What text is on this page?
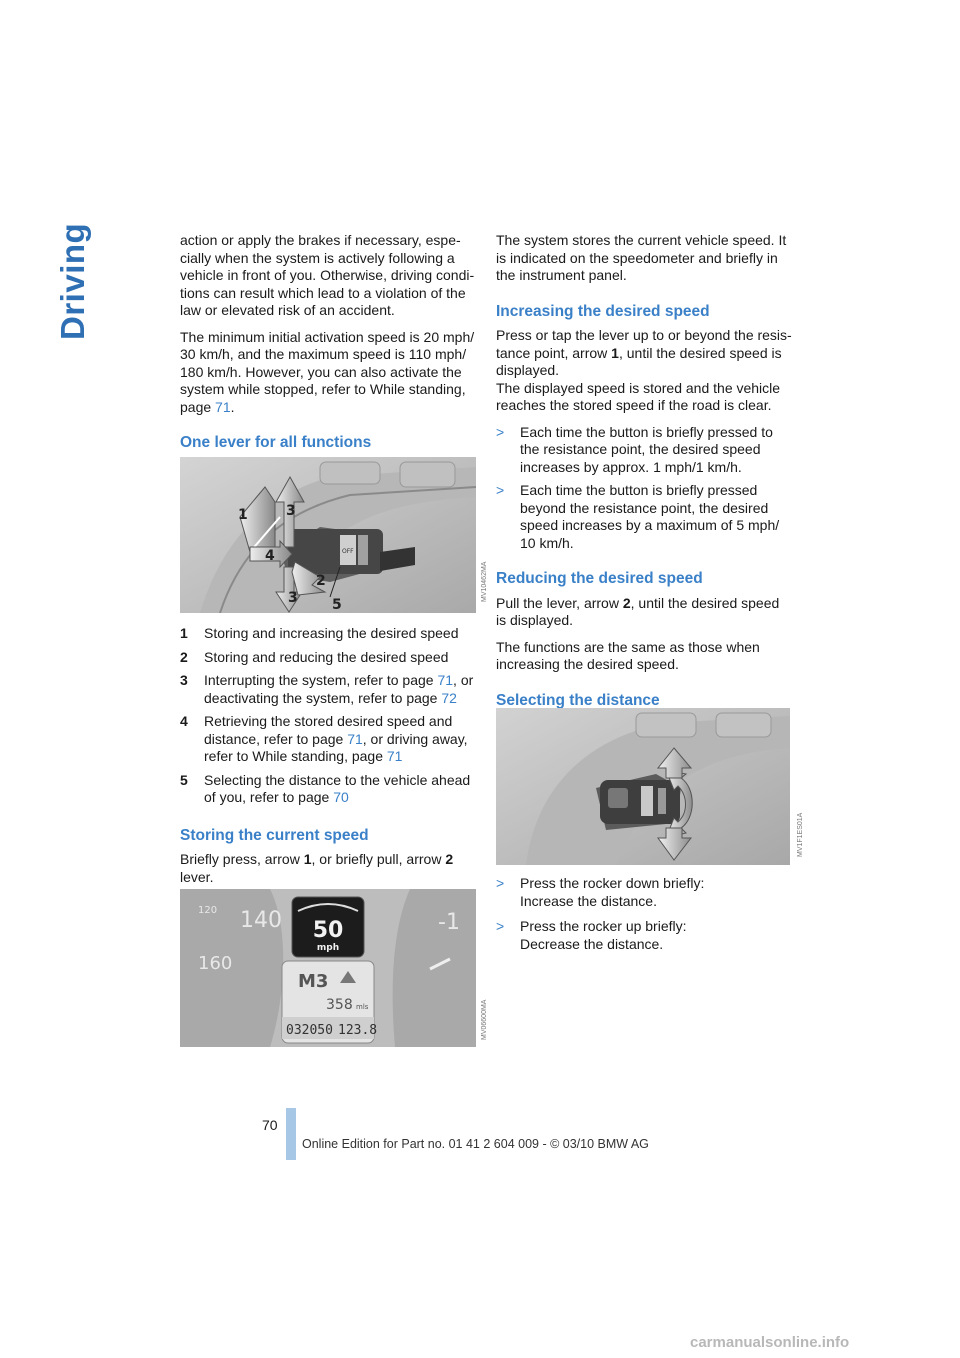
Driving	action or apply the brakes if necessary, espe-cially when the system is actively following a vehicle in front of you. Otherwise, driving condi-tions can result which lead to a violation of the law or elevated risk of an accident.

The minimum initial activation speed is 20 mph/ 30 km/h, and the maximum speed is 110 mph/ 180 km/h. However, you can also activate the system while stopped, refer to While standing, page 71.

One lever for all functions
OFF
1	3
4
2
3 5
MV10462MA
1	Storing and increasing the desired speed
2	Storing and reducing the desired speed
3	Interrupting the system, refer to page 71, or deactivating the system, refer to page 72
4	Retrieving the stored desired speed and distance, refer to page 71, or driving away, refer to While standing, page 71
5	Selecting the distance to the vehicle ahead of you, refer to page 70
Storing the current speed

Briefly press, arrow 1, or briefly pull, arrow 2 lever.

140
160
120	-1
50
mph
M3
358 mls
032050 123.8	MV06600MA

The system stores the current vehicle speed. It is indicated on the speedometer and briefly in the instrument panel.

Increasing the desired speed

Press or tap the lever up to or beyond the resis-tance point, arrow 1, until the desired speed is displayed.

The displayed speed is stored and the vehicle reaches the stored speed if the road is clear.

>	Each time the button is briefly pressed to the resistance point, the desired speed increases by approx. 1 mph/1 km/h.
>	Each time the button is briefly pressed beyond the resistance point, the desired speed increases by a maximum of 5 mph/ 10 km/h.
Reducing the desired speed

Pull the lever, arrow 2, until the desired speed is displayed.

The functions are the same as those when increasing the desired speed.

Selecting the distance
MV1F1ES01A
>	Press the rocker down briefly:
Increase the distance.
>	Press the rocker up briefly:
Decrease the distance.
70
Online Edition for Part no. 01 41 2 604 009 - © 03/10 BMW AG
carmanualsonline.info
